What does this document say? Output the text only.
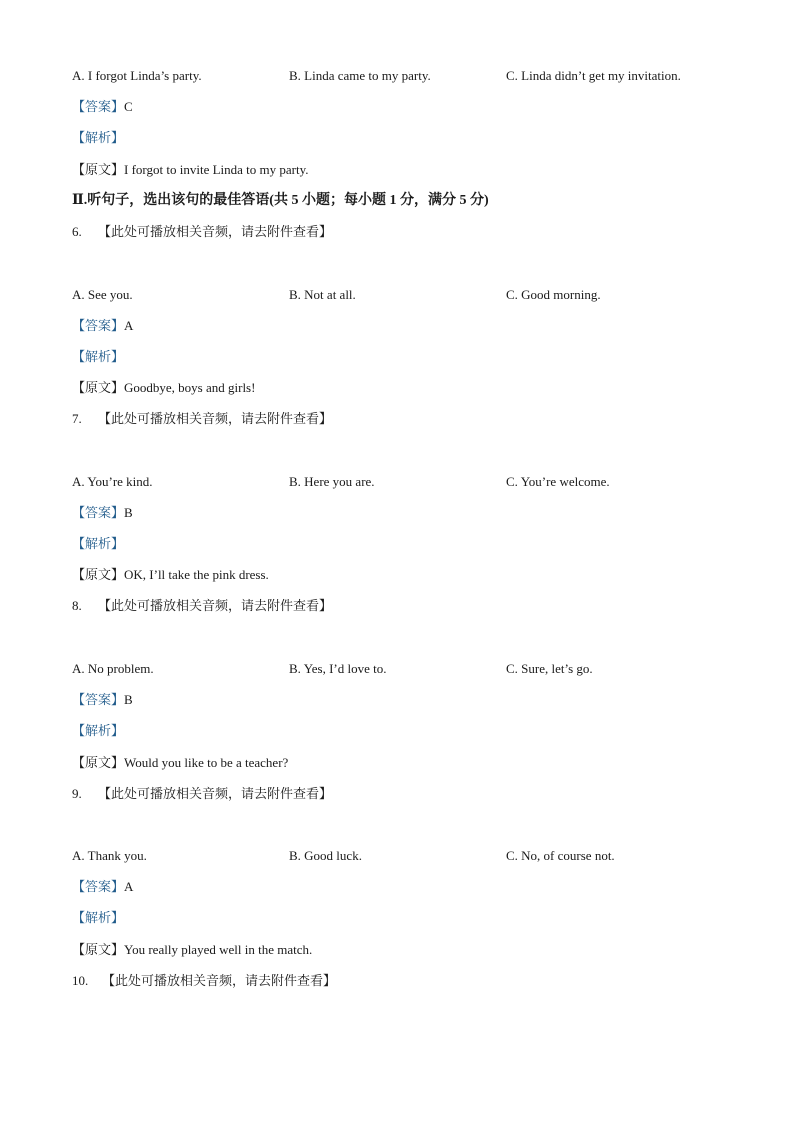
A. I forgot Linda’s party.	B. Linda came to my party.	C. Linda didn’t get my invitation.
【答案】C
【解析】
【原文】I forgot to invite Linda to my party.
Ⅱ.听句子，选出该句的最佳答语(共 5 小题；每小题 1 分，满分 5 分)
6. 【此处可播放相关音频，请去附件查看】
A. See you.	B. Not at all.	C. Good morning.
【答案】A
【解析】
【原文】Goodbye, boys and girls!
7. 【此处可播放相关音频，请去附件查看】
A. You’re kind.	B. Here you are.	C. You’re welcome.
【答案】B
【解析】
【原文】OK, I’ll take the pink dress.
8. 【此处可播放相关音频，请去附件查看】
A. No problem.	B. Yes, I’d love to.	C. Sure, let’s go.
【答案】B
【解析】
【原文】Would you like to be a teacher?
9. 【此处可播放相关音频，请去附件查看】
A. Thank you.	B. Good luck.	C. No, of course not.
【答案】A
【解析】
【原文】You really played well in the match.
10. 【此处可播放相关音频，请去附件查看】
